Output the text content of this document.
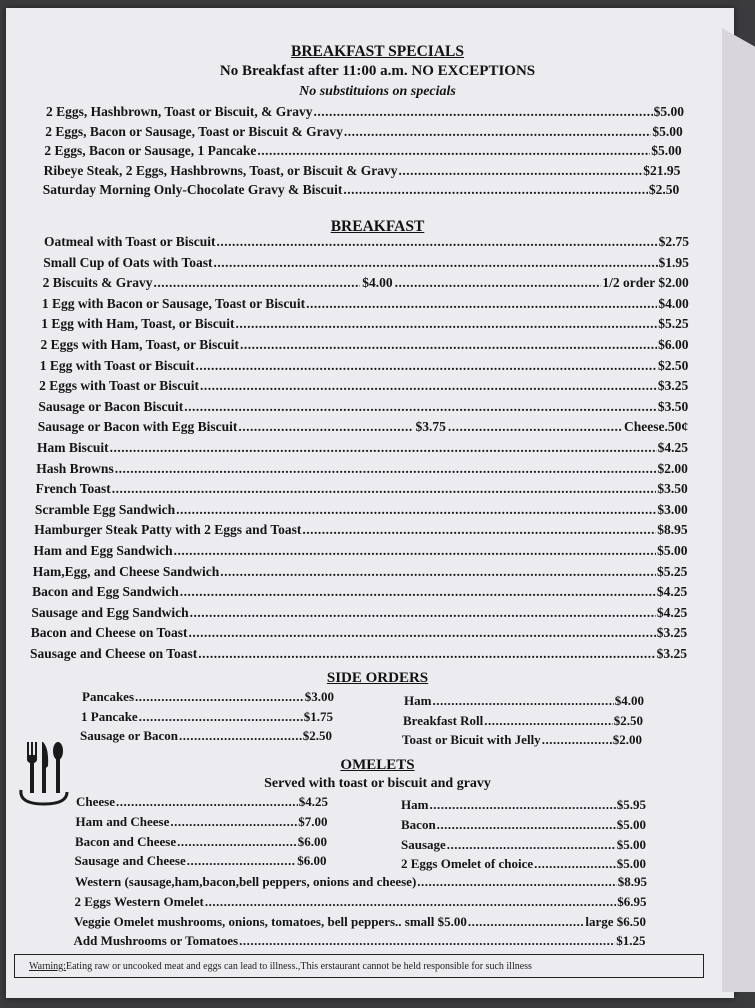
BREAKFAST SPECIALS
No Breakfast after 11:00 a.m. NO EXCEPTIONS
No substituions on specials
2 Eggs, Hashbrown, Toast or Biscuit, & Gravy .....	$5.00
2 Eggs, Bacon or Sausage, Toast or Biscuit & Gravy .....	$5.00
2 Eggs, Bacon or Sausage, 1 Pancake .....	$5.00
Ribeye Steak, 2 Eggs, Hashbrowns, Toast, or Biscuit & Gravy .....	$21.95
Saturday Morning Only-Chocolate Gravy & Biscuit .....	$2.50
BREAKFAST
Oatmeal with Toast or Biscuit .....	$2.75
Small Cup of Oats with Toast .....	$1.95
2 Biscuits & Gravy .....	$4.00 .....	1/2 order $2.00
1 Egg with Bacon or Sausage, Toast or Biscuit .....	$4.00
1 Egg with Ham, Toast, or Biscuit .....	$5.25
2 Eggs with Ham, Toast, or Biscuit .....	$6.00
1 Egg with Toast or Biscuit .....	$2.50
2 Eggs with Toast or Biscuit .....	$3.25
Sausage or Bacon Biscuit .....	$3.50
Sausage or Bacon with Egg Biscuit .....	$3.75 .....	Cheese.50¢
Ham Biscuit .....	$4.25
Hash Browns .....	$2.00
French Toast .....	$3.50
Scramble Egg Sandwich .....	$3.00
Hamburger Steak Patty with 2 Eggs and Toast .....	$8.95
Ham and Egg Sandwich .....	$5.00
Ham,Egg, and Cheese Sandwich .....	$5.25
Bacon and Egg Sandwich .....	$4.25
Sausage and Egg Sandwich .....	$4.25
Bacon and Cheese on Toast .....	$3.25
Sausage and Cheese on Toast .....	$3.25
SIDE ORDERS
Pancakes .....	$3.00
1 Pancake .....	$1.75
Sausage or Bacon .....	$2.50
Ham .....	$4.00
Breakfast Roll .....	$2.50
Toast or Bicuit with Jelly .....	$2.00
OMELETS
Served with toast or biscuit and gravy
Cheese .....	$4.25
Ham and Cheese .....	$7.00
Bacon and Cheese .....	$6.00
Sausage and Cheese .....	$6.00
Ham .....	$5.95
Bacon .....	$5.00
Sausage .....	$5.00
2 Eggs Omelet of choice .....	$5.00
Western (sausage,ham,bacon,bell peppers, onions and cheese) .....	$8.95
2 Eggs Western Omelet .....	$6.95
Veggie Omelet mushrooms, onions, tomatoes, bell peppers.. small $5.00 .....	large $6.50
Add Mushrooms or Tomatoes .....	$1.25
Warning:Eating raw or uncooked meat and eggs can lead to illness.,This erstaurant cannot be held responsible for such illness
